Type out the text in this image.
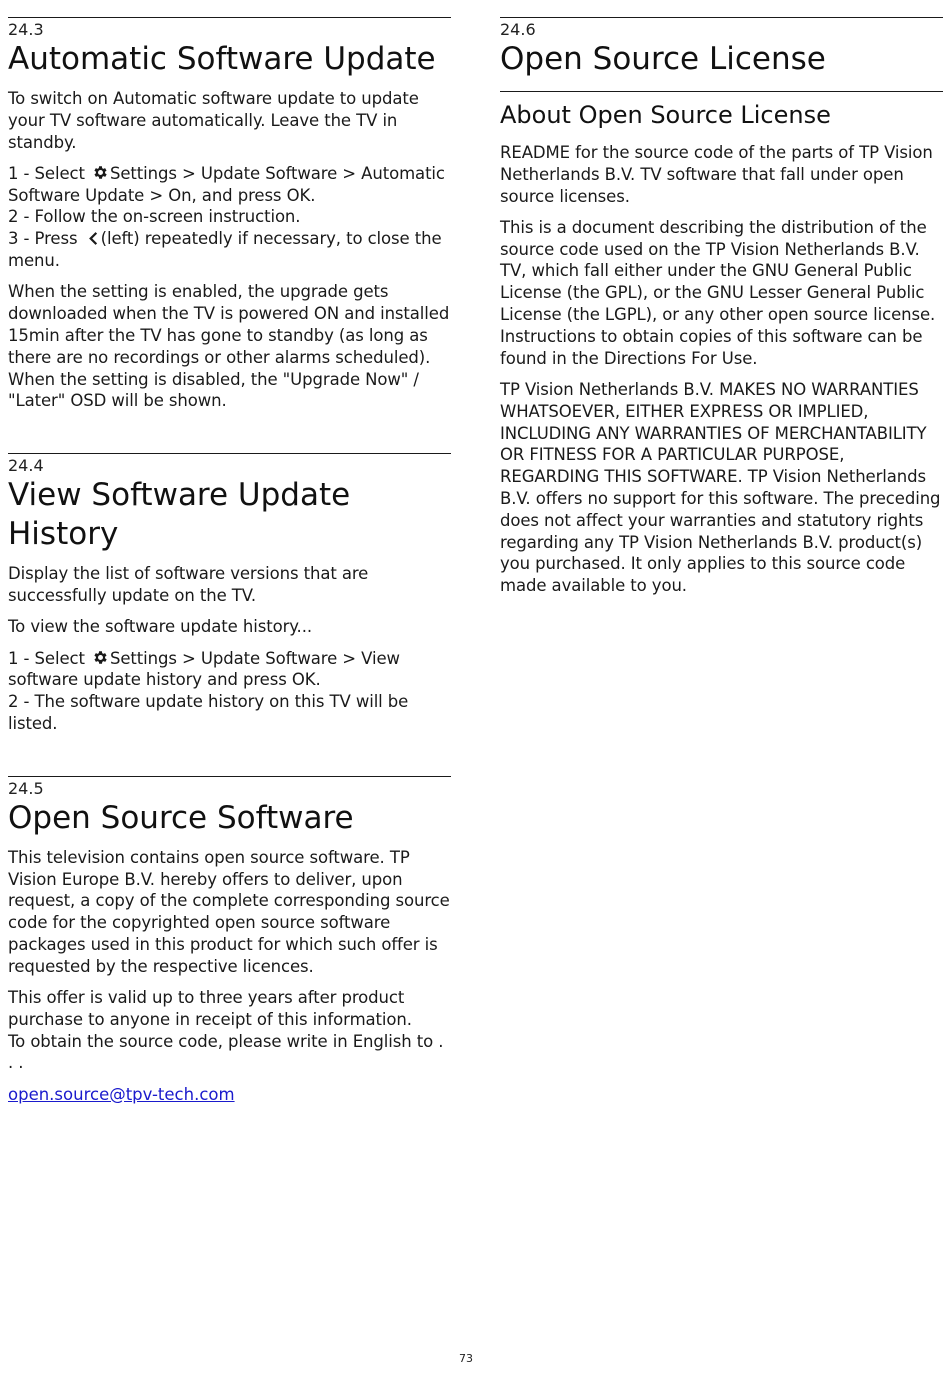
24.3
Automatic Software Update

To switch on Automatic software update to update your TV software automatically. Leave the TV in standby.

1 - Select Settings > Update Software > Automatic Software Update > On, and press OK.

2 - Follow the on-screen instruction.

3 - Press (left) repeatedly if necessary, to close the menu.

When the setting is enabled, the upgrade gets downloaded when the TV is powered ON and installed 15min after the TV has gone to standby (as long as there are no recordings or other alarms scheduled).

When the setting is disabled, the "Upgrade Now" / "Later" OSD will be shown.

24.4
View Software Update History

Display the list of software versions that are successfully update on the TV.

To view the software update history...

1 - Select Settings > Update Software > View software update history and press OK.

2 - The software update history on this TV will be listed.

24.5
Open Source Software

This television contains open source software. TP Vision Europe B.V. hereby offers to deliver, upon request, a copy of the complete corresponding source code for the copyrighted open source software packages used in this product for which such offer is requested by the respective licences.

This offer is valid up to three years after product purchase to anyone in receipt of this information.

To obtain the source code, please write in English to . . .

open.source@tpv-tech.com
24.6
Open Source License
About Open Source License

README for the source code of the parts of TP Vision Netherlands B.V. TV software that fall under open source licenses.

This is a document describing the distribution of the source code used on the TP Vision Netherlands B.V. TV, which fall either under the GNU General Public License (the GPL), or the GNU Lesser General Public License (the LGPL), or any other open source license. Instructions to obtain copies of this software can be found in the Directions For Use.

TP Vision Netherlands B.V. MAKES NO WARRANTIES WHATSOEVER, EITHER EXPRESS OR IMPLIED, INCLUDING ANY WARRANTIES OF MERCHANTABILITY OR FITNESS FOR A PARTICULAR PURPOSE, REGARDING THIS SOFTWARE. TP Vision Netherlands B.V. offers no support for this software. The preceding does not affect your warranties and statutory rights regarding any TP Vision Netherlands B.V. product(s) you purchased. It only applies to this source code made available to you.

73
